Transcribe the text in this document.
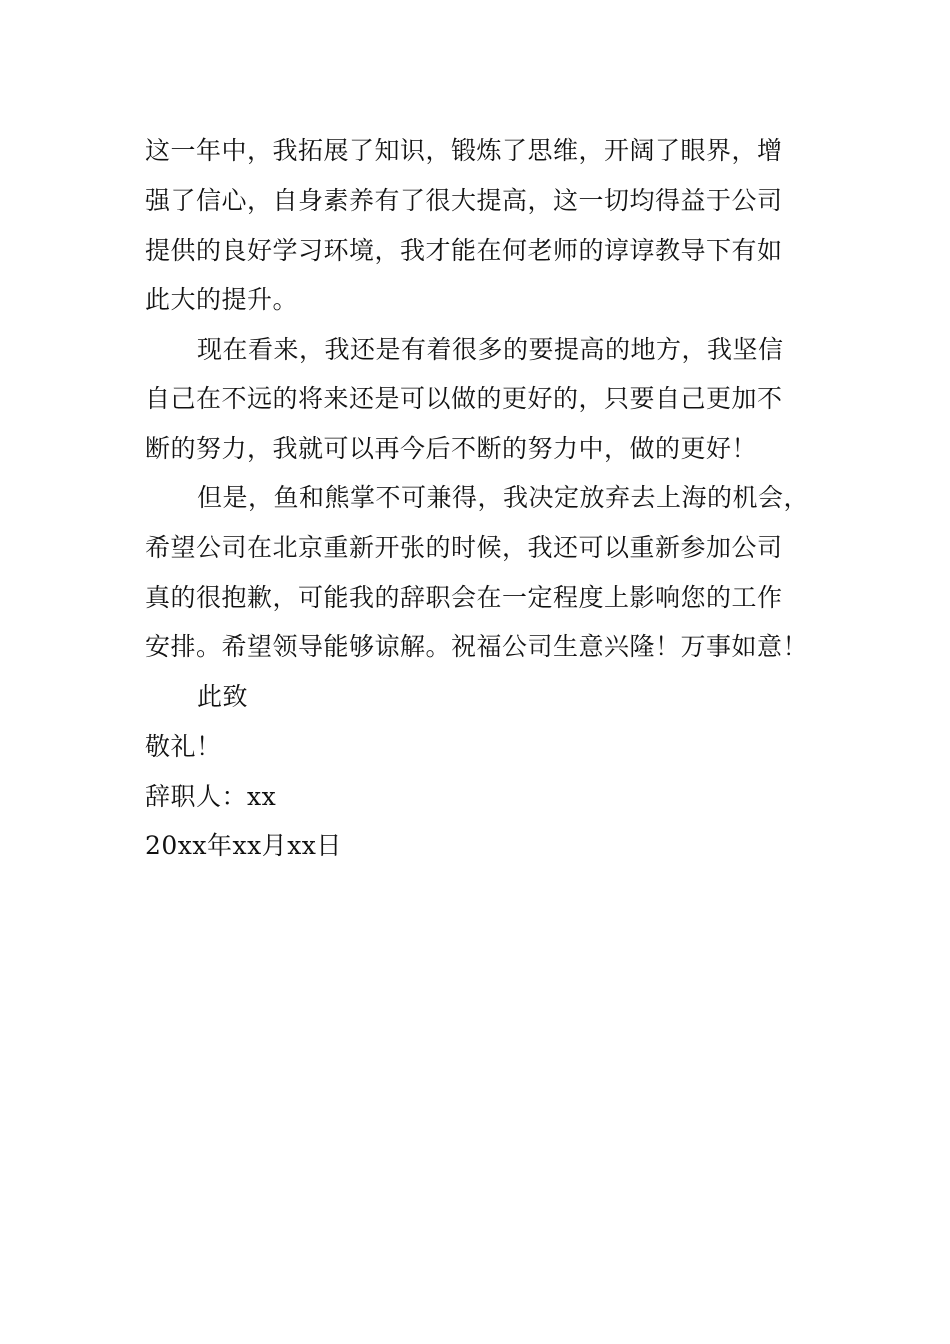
这一年中，我拓展了知识，锻炼了思维，开阔了眼界，增
强了信心，自身素养有了很大提高，这一切均得益于公司
提供的良好学习环境，我才能在何老师的谆谆教导下有如
此大的提升。
现在看来，我还是有着很多的要提高的地方，我坚信
自己在不远的将来还是可以做的更好的，只要自己更加不
断的努力，我就可以再今后不断的努力中，做的更好！
但是，鱼和熊掌不可兼得，我决定放弃去上海的机会，
希望公司在北京重新开张的时候，我还可以重新参加公司
真的很抱歉，可能我的辞职会在一定程度上影响您的工作
安排。希望领导能够谅解。祝福公司生意兴隆！万事如意！
此致
敬礼！
辞职人：xx
20xx年xx月xx日
